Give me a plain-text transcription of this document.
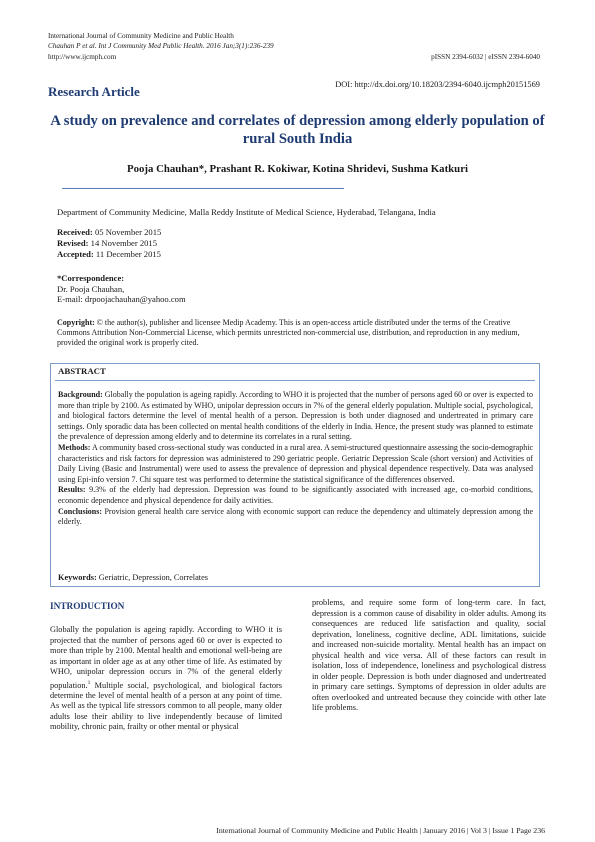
International Journal of Community Medicine and Public Health
Chauhan P et al. Int J Community Med Public Health. 2016 Jan;3(1):236-239
http://www.ijcmph.com	pISSN 2394-6032 | eISSN 2394-6040
DOI: http://dx.doi.org/10.18203/2394-6040.ijcmph20151569
Research Article
A study on prevalence and correlates of depression among elderly population of rural South India
Pooja Chauhan*, Prashant R. Kokiwar, Kotina Shridevi, Sushma Katkuri
Department of Community Medicine, Malla Reddy Institute of Medical Science, Hyderabad, Telangana, India
Received: 05 November 2015
Revised: 14 November 2015
Accepted: 11 December 2015
*Correspondence:
Dr. Pooja Chauhan,
E-mail: drpoojachauhan@yahoo.com
Copyright: © the author(s), publisher and licensee Medip Academy. This is an open-access article distributed under the terms of the Creative Commons Attribution Non-Commercial License, which permits unrestricted non-commercial use, distribution, and reproduction in any medium, provided the original work is properly cited.
ABSTRACT

Background: Globally the population is ageing rapidly. According to WHO it is projected that the number of persons aged 60 or over is expected to more than triple by 2100. As estimated by WHO, unipolar depression occurs in 7% of the general elderly population. Multiple social, psychological, and biological factors determine the level of mental health of a person. Depression is both under diagnosed and undertreated in primary care settings. Only sporadic data has been collected on mental health conditions of the elderly in India. Hence, the present study was planned to estimate the prevalence of depression among elderly and to determine its correlates in a rural setting.

Methods: A community based cross-sectional study was conducted in a rural area. A semi-structured questionnaire assessing the socio-demographic characteristics and risk factors for depression was administered to 290 geriatric people. Geriatric Depression Scale (short version) and Activities of Daily Living (Basic and Instrumental) were used to assess the prevalence of depression and physical dependence respectively. Data was analysed using Epi-info version 7. Chi square test was performed to determine the statistical significance of the differences observed.

Results: 9.3% of the elderly had depression. Depression was found to be significantly associated with increased age, co-morbid conditions, economic dependence and physical dependence for daily activities.

Conclusions: Provision general health care service along with economic support can reduce the dependency and ultimately depression among the elderly.

Keywords: Geriatric, Depression, Correlates
INTRODUCTION

Globally the population is ageing rapidly. According to WHO it is projected that the number of persons aged 60 or over is expected to more than triple by 2100. Mental health and emotional well-being are as important in older age as at any other time of life. As estimated by WHO, unipolar depression occurs in 7% of the general elderly population.$^1$ Multiple social, psychological, and biological factors determine the level of mental health of a person at any point of time. As well as the typical life stressors common to all people, many older adults lose their ability to live independently because of limited mobility, chronic pain, frailty or other mental or physical

problems, and require some form of long-term care. In fact, depression is a common cause of disability in older adults. Among its consequences are reduced life satisfaction and quality, social deprivation, loneliness, cognitive decline, ADL limitations, suicide and increased non-suicide mortality. Mental health has an impact on physical health and vice versa. All of these factors can result in isolation, loss of independence, loneliness and psychological distress in older people. Depression is both under diagnosed and undertreated in primary care settings. Symptoms of depression in older adults are often overlooked and untreated because they coincide with other late life problems.

International Journal of Community Medicine and Public Health | January 2016 | Vol 3 | Issue 1 Page 236
